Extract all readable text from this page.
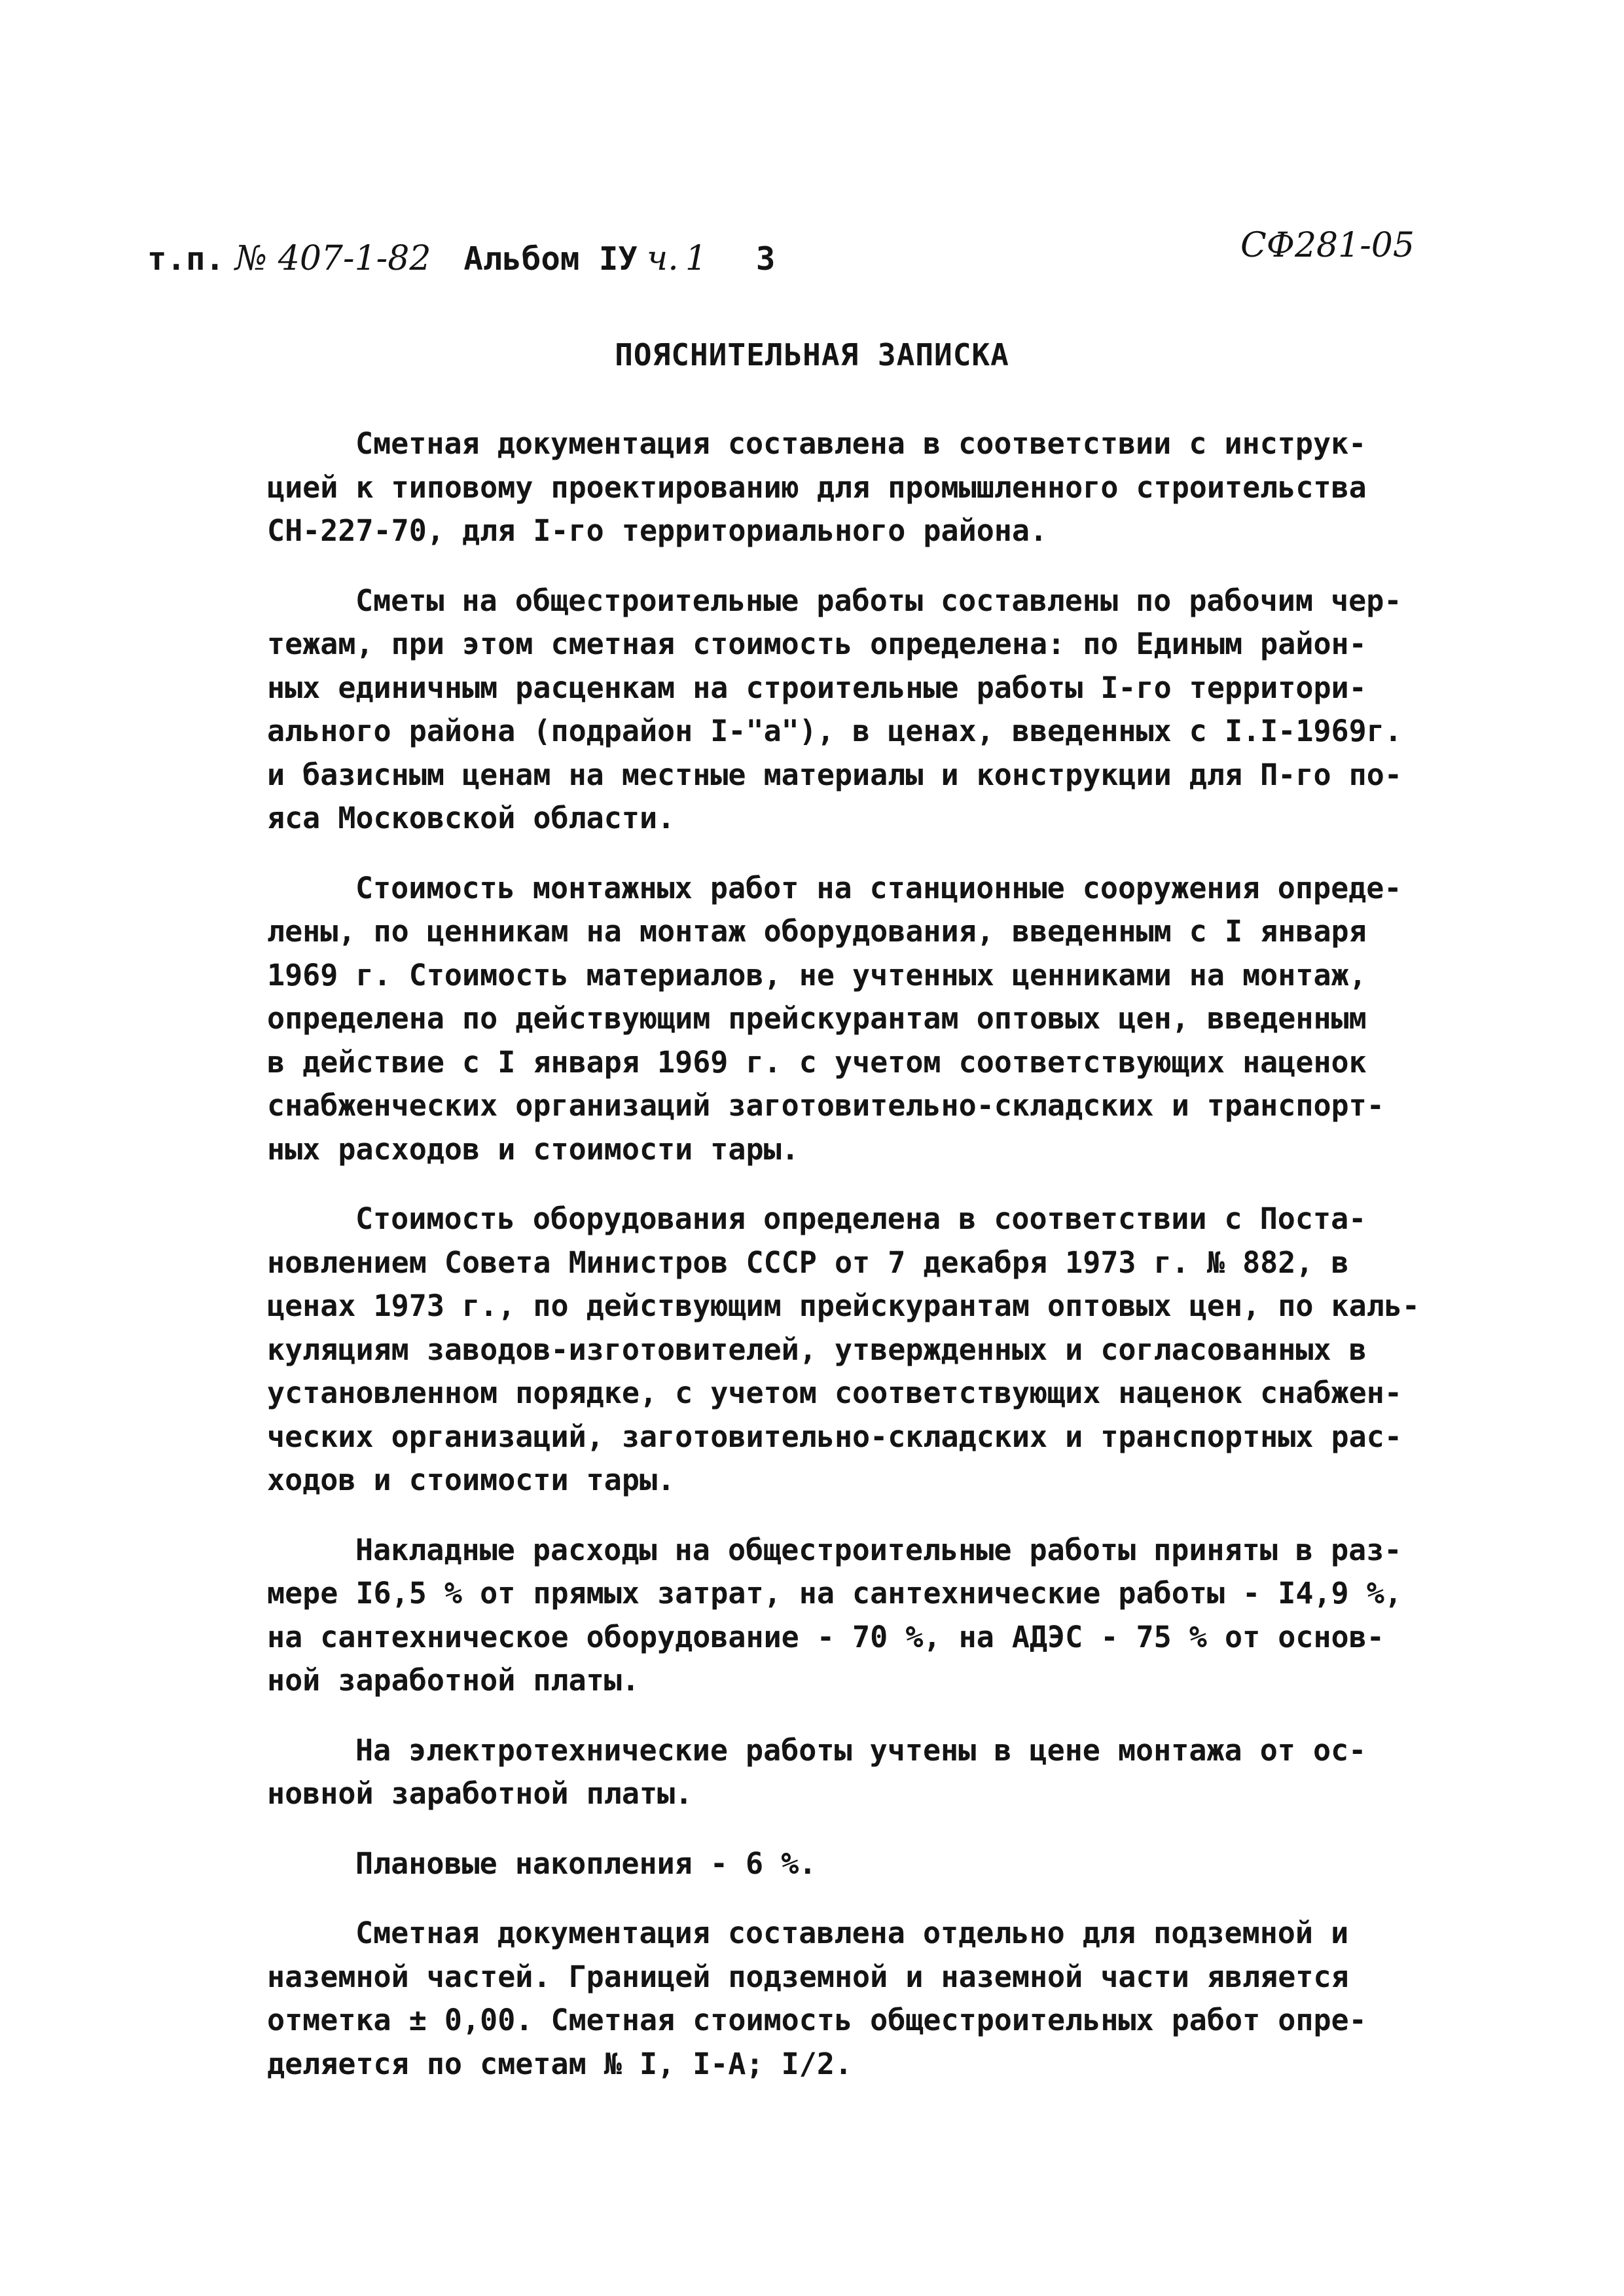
т.п. № 407-1-82 Альбом IУ ч. 1 3	СФ281-05
ПОЯСНИТЕЛЬНАЯ ЗАПИСКА
Сметная документация составлена в соответствии с инструк-
цией к типовому проектированию для промышленного строительства
СН-227-70, для I-го территориального района.
Сметы на общестроительные работы составлены по рабочим чер-
тежам, при этом сметная стоимость определена: по Единым район-
ных единичным расценкам на строительные работы I-го территори-
ального района (подрайон I-"а"), в ценах, введенных с I.I-1969г.
и базисным ценам на местные материалы и конструкции для П-го по-
яса Московской области.
Стоимость монтажных работ на станционные сооружения опреде-
лены, по ценникам на монтаж оборудования, введенным с I января
1969 г. Стоимость материалов, не учтенных ценниками на монтаж,
определена по действующим прейскурантам оптовых цен, введенным
в действие с I января 1969 г. с учетом соответствующих наценок
снабженческих организаций заготовительно-складских и транспорт-
ных расходов и стоимости тары.
Стоимость оборудования определена в соответствии с Поста-
новлением Совета Министров СССР от 7 декабря 1973 г. № 882, в
ценах 1973 г., по действующим прейскурантам оптовых цен, по каль-
куляциям заводов-изготовителей, утвержденных и согласованных в
установленном порядке, с учетом соответствующих наценок снабжен-
ческих организаций, заготовительно-складских и транспортных рас-
ходов и стоимости тары.
Накладные расходы на общестроительные работы приняты в раз-
мере I6,5 % от прямых затрат, на сантехнические работы - I4,9 %,
на сантехническое оборудование - 70 %, на АДЭС - 75 % от основ-
ной заработной платы.
На электротехнические работы учтены в цене монтажа от ос-
новной заработной платы.
Плановые накопления - 6 %.
Сметная документация составлена отдельно для подземной и
наземной частей. Границей подземной и наземной части является
отметка ± 0,00. Сметная стоимость общестроительных работ опре-
деляется по сметам № I, I-А; I/2.
